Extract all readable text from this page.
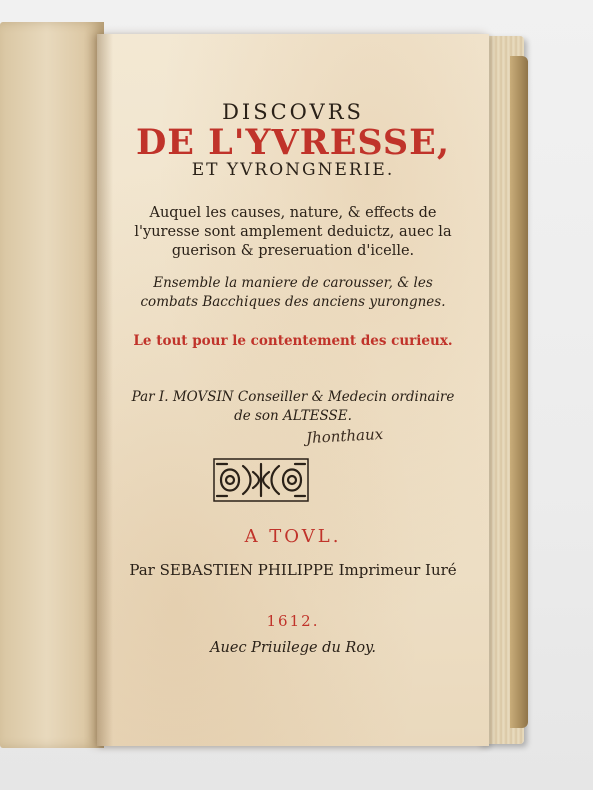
DISCOVRS

DE L'YVRESSE,

ET YVRONGNERIE.

Auquel les causes, nature, & effects de l'yuresse sont amplement deduictz, auec la guerison & preseruation d'icelle.

Ensemble la maniere de carousser, & les combats Bacchiques des anciens yurongnes.

Le tout pour le contentement des curieux.

Par I. MOVSIN Conseiller & Medecin ordinaire de son ALTESSE.

Jhonthaux

A TOVL.

Par SEBASTIEN PHILIPPE Imprimeur Iuré

1612.

Auec Priuilege du Roy.
